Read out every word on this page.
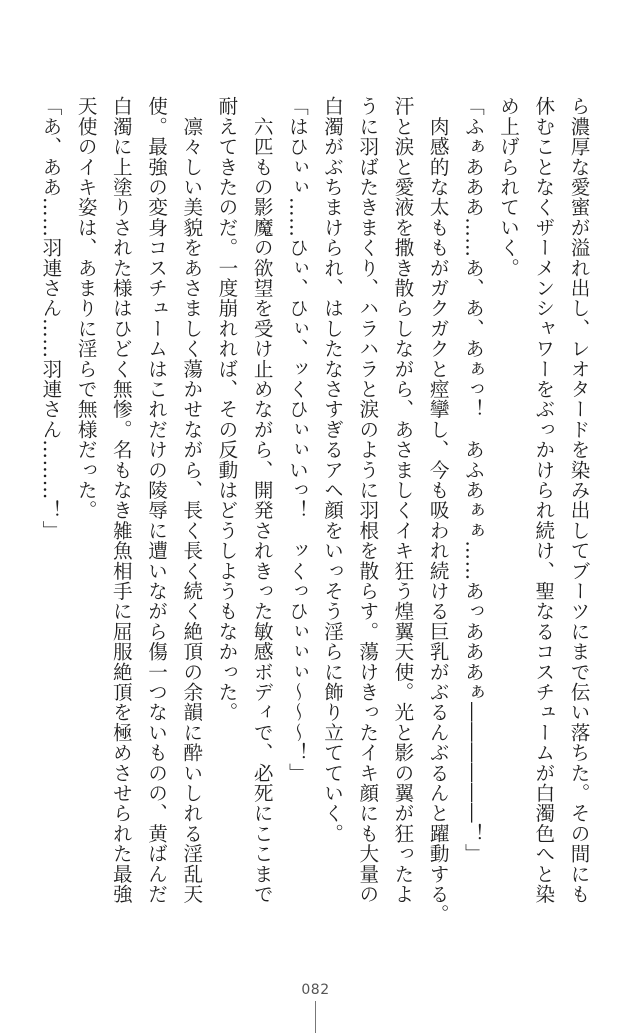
ら濃厚な愛蜜が溢れ出し、レオタードを染み出してブーツにまで伝い落ちた。その間にも

休むことなくザーメンシャワーをぶっかけられ続け、聖なるコスチュームが白濁色へと染

め上げられていく。

「ふぁあああ……あ、あ、あぁっ！　あふあぁぁ……あっあああぁ――――――！」

　肉感的な太ももがガクガクと痙攣し、今も吸われ続ける巨乳がぶるんぶるんと躍動する。

汗と涙と愛液を撒き散らしながら、あさましくイキ狂う煌翼天使。光と影の翼が狂ったよ

うに羽ばたきまくり、ハラハラと涙のように羽根を散らす。蕩けきったイキ顔にも大量の

白濁がぶちまけられ、はしたなさすぎるアヘ顔をいっそう淫らに飾り立てていく。

「はひぃぃ……ひぃ、ひぃ、ッくひぃぃいっ！　ッくっひぃぃぃ～～～！」

　六匹もの影魔の欲望を受け止めながら、開発されきった敏感ボディで、必死にここまで

耐えてきたのだ。一度崩れれば、その反動はどうしようもなかった。

　凛々しい美貌をあさましく蕩かせながら、長く長く続く絶頂の余韻に酔いしれる淫乱天

使。最強の変身コスチュームはこれだけの陵辱に遭いながら傷一つないものの、黄ばんだ

白濁に上塗りされた様はひどく無惨。名もなき雑魚相手に屈服絶頂を極めさせられた最強

天使のイキ姿は、あまりに淫らで無様だった。

「あ、ああ……羽連さん……羽連さん………！」

082
